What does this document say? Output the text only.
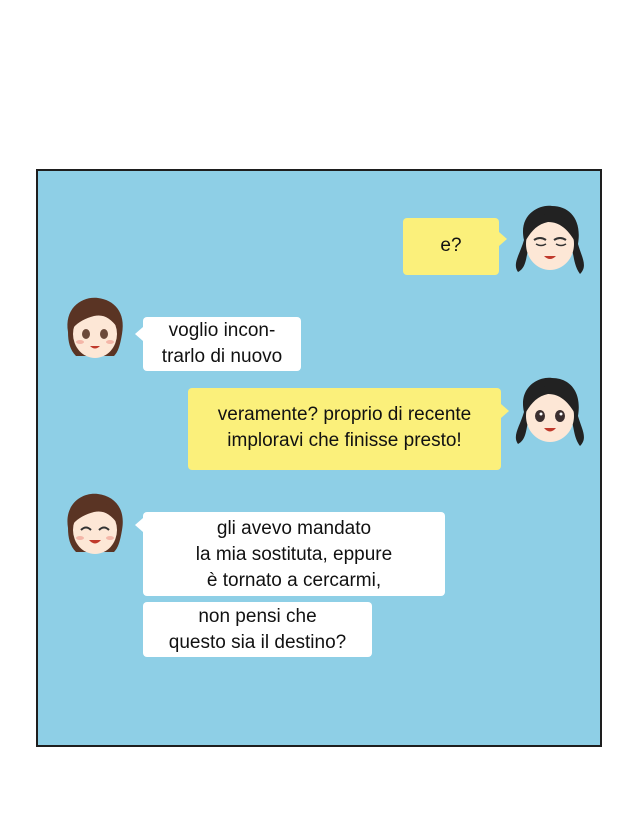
e?
voglio incon-
trarlo di nuovo
veramente? proprio di recente
imploravi che finisse presto!
gli avevo mandato
la mia sostituta, eppure
è tornato a cercarmi,
non pensi che
questo sia il destino?
